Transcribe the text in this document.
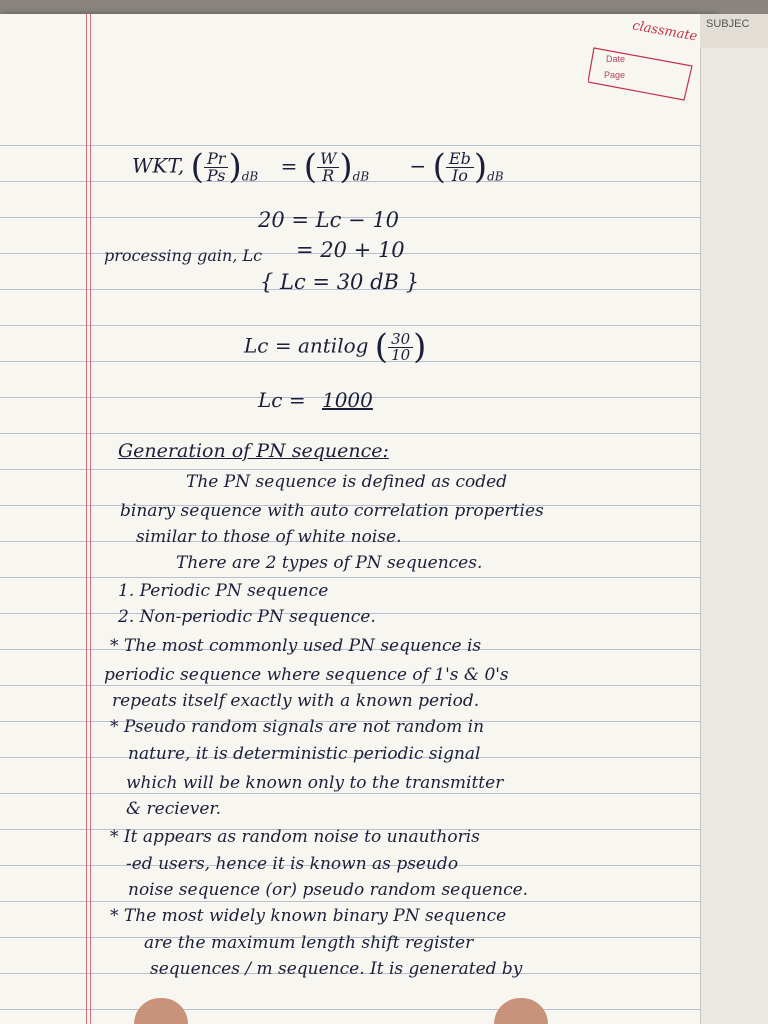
SUBJEC
classmate
Date
Page
WKT, ( $\frac{Pr}{Ps} )_{dB}$ = ( $\frac{W}{R} )_{dB}$ − ( $\frac{Eb}{Io} )_{dB}$
20 = Lc − 10
processing gain, Lc = 20 + 10
{ Lc = 30 dB }
Lc = antilog ( $\frac{30}{10}$ )
Lc = 1000
Generation of PN sequence:
The PN sequence is defined as coded
binary sequence with auto correlation properties
similar to those of white noise.
There are 2 types of PN sequences.
1. Periodic PN sequence
2. Non-periodic PN sequence.
* The most commonly used PN sequence is
periodic sequence where sequence of 1's & 0's
repeats itself exactly with a known period.
* Pseudo random signals are not random in
nature, it is deterministic periodic signal
which will be known only to the transmitter
& reciever.
* It appears as random noise to unauthoris
-ed users, hence it is known as pseudo
noise sequence (or) pseudo random sequence.
* The most widely known binary PN sequence
are the maximum length shift register
sequences / m sequence. It is generated by
